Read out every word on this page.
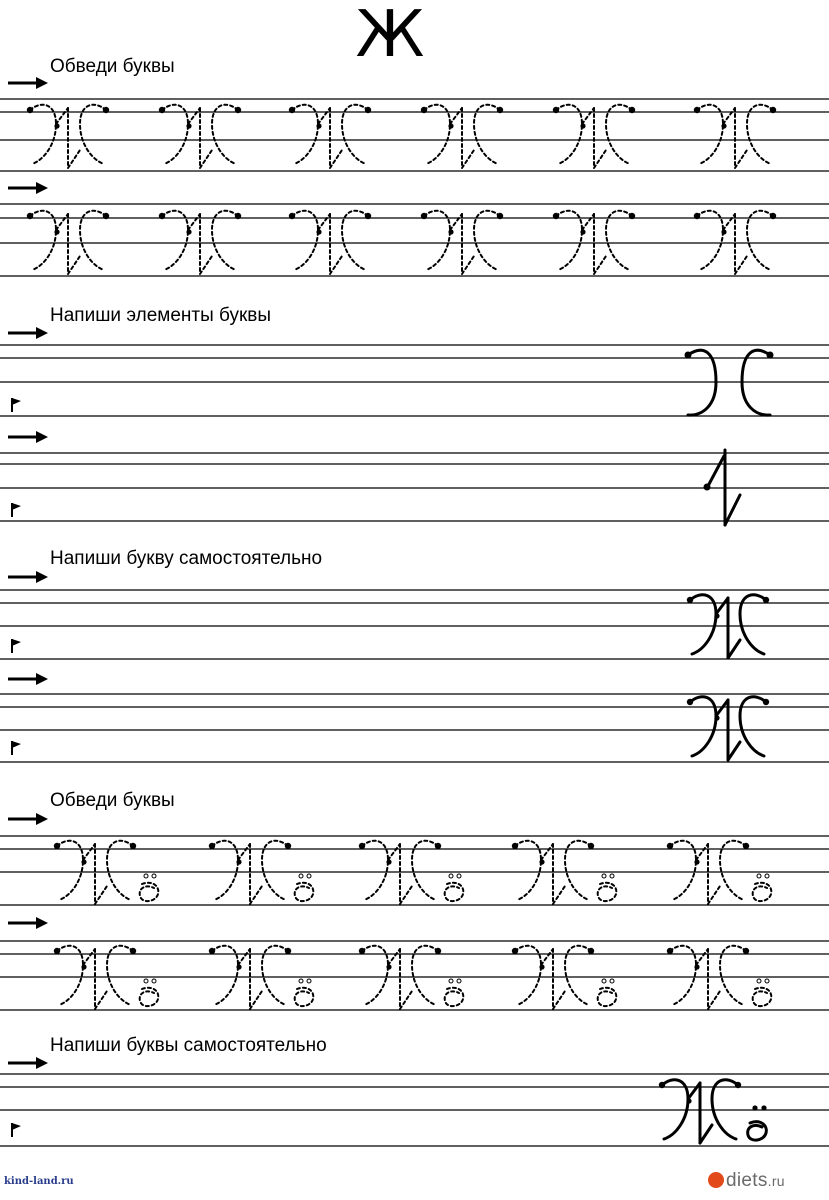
Ж
Обведи буквы
Напиши элементы буквы
Напиши букву самостоятельно
Обведи буквы
Напиши буквы самостоятельно
kind-land.ru	diets.ru
